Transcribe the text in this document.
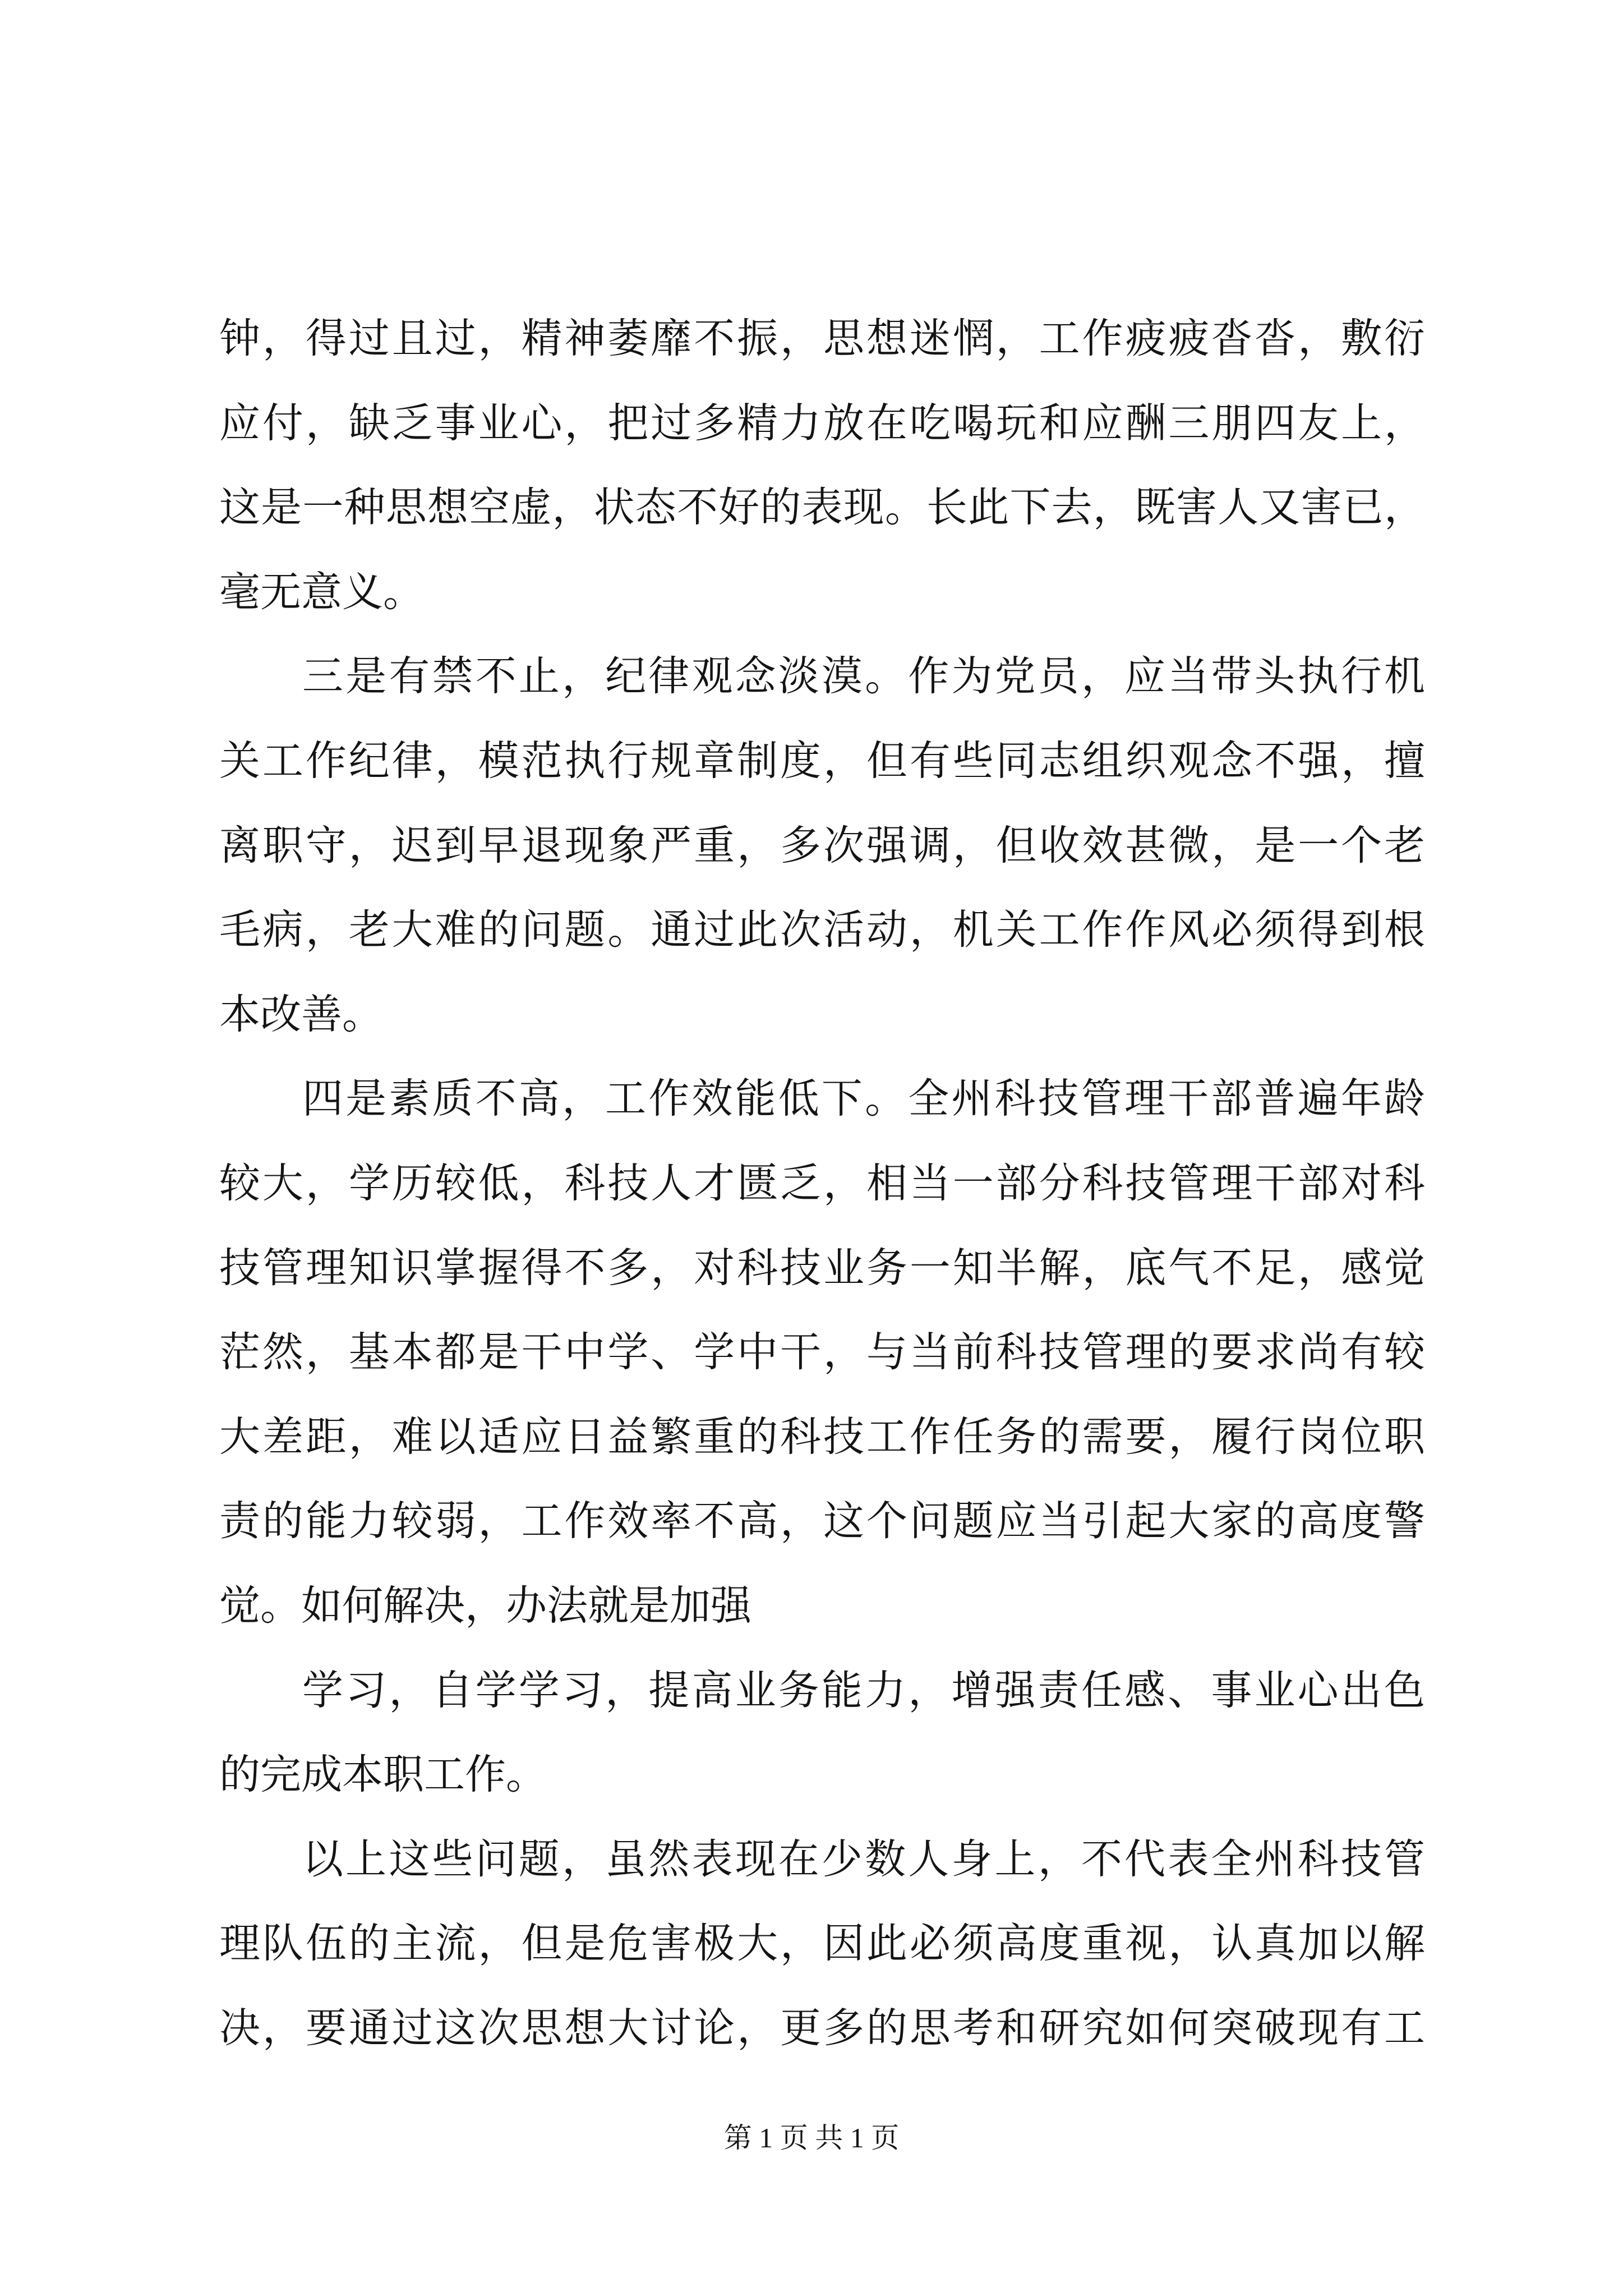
钟，得过且过，精神萎靡不振，思想迷惘，工作疲疲沓沓，敷衍
应付，缺乏事业心，把过多精力放在吃喝玩和应酬三朋四友上，
这是一种思想空虚，状态不好的表现。长此下去，既害人又害已，
毫无意义。
三是有禁不止，纪律观念淡漠。作为党员，应当带头执行机
关工作纪律，模范执行规章制度，但有些同志组织观念不强，擅
离职守，迟到早退现象严重，多次强调，但收效甚微，是一个老
毛病，老大难的问题。通过此次活动，机关工作作风必须得到根
本改善。
四是素质不高，工作效能低下。全州科技管理干部普遍年龄
较大，学历较低，科技人才匮乏，相当一部分科技管理干部对科
技管理知识掌握得不多，对科技业务一知半解，底气不足，感觉
茫然，基本都是干中学、学中干，与当前科技管理的要求尚有较
大差距，难以适应日益繁重的科技工作任务的需要，履行岗位职
责的能力较弱，工作效率不高，这个问题应当引起大家的高度警
觉。如何解决，办法就是加强
学习，自学学习，提高业务能力，增强责任感、事业心出色
的完成本职工作。
以上这些问题，虽然表现在少数人身上，不代表全州科技管
理队伍的主流，但是危害极大，因此必须高度重视，认真加以解
决，要通过这次思想大讨论，更多的思考和研究如何突破现有工
第 1 页 共 1 页
